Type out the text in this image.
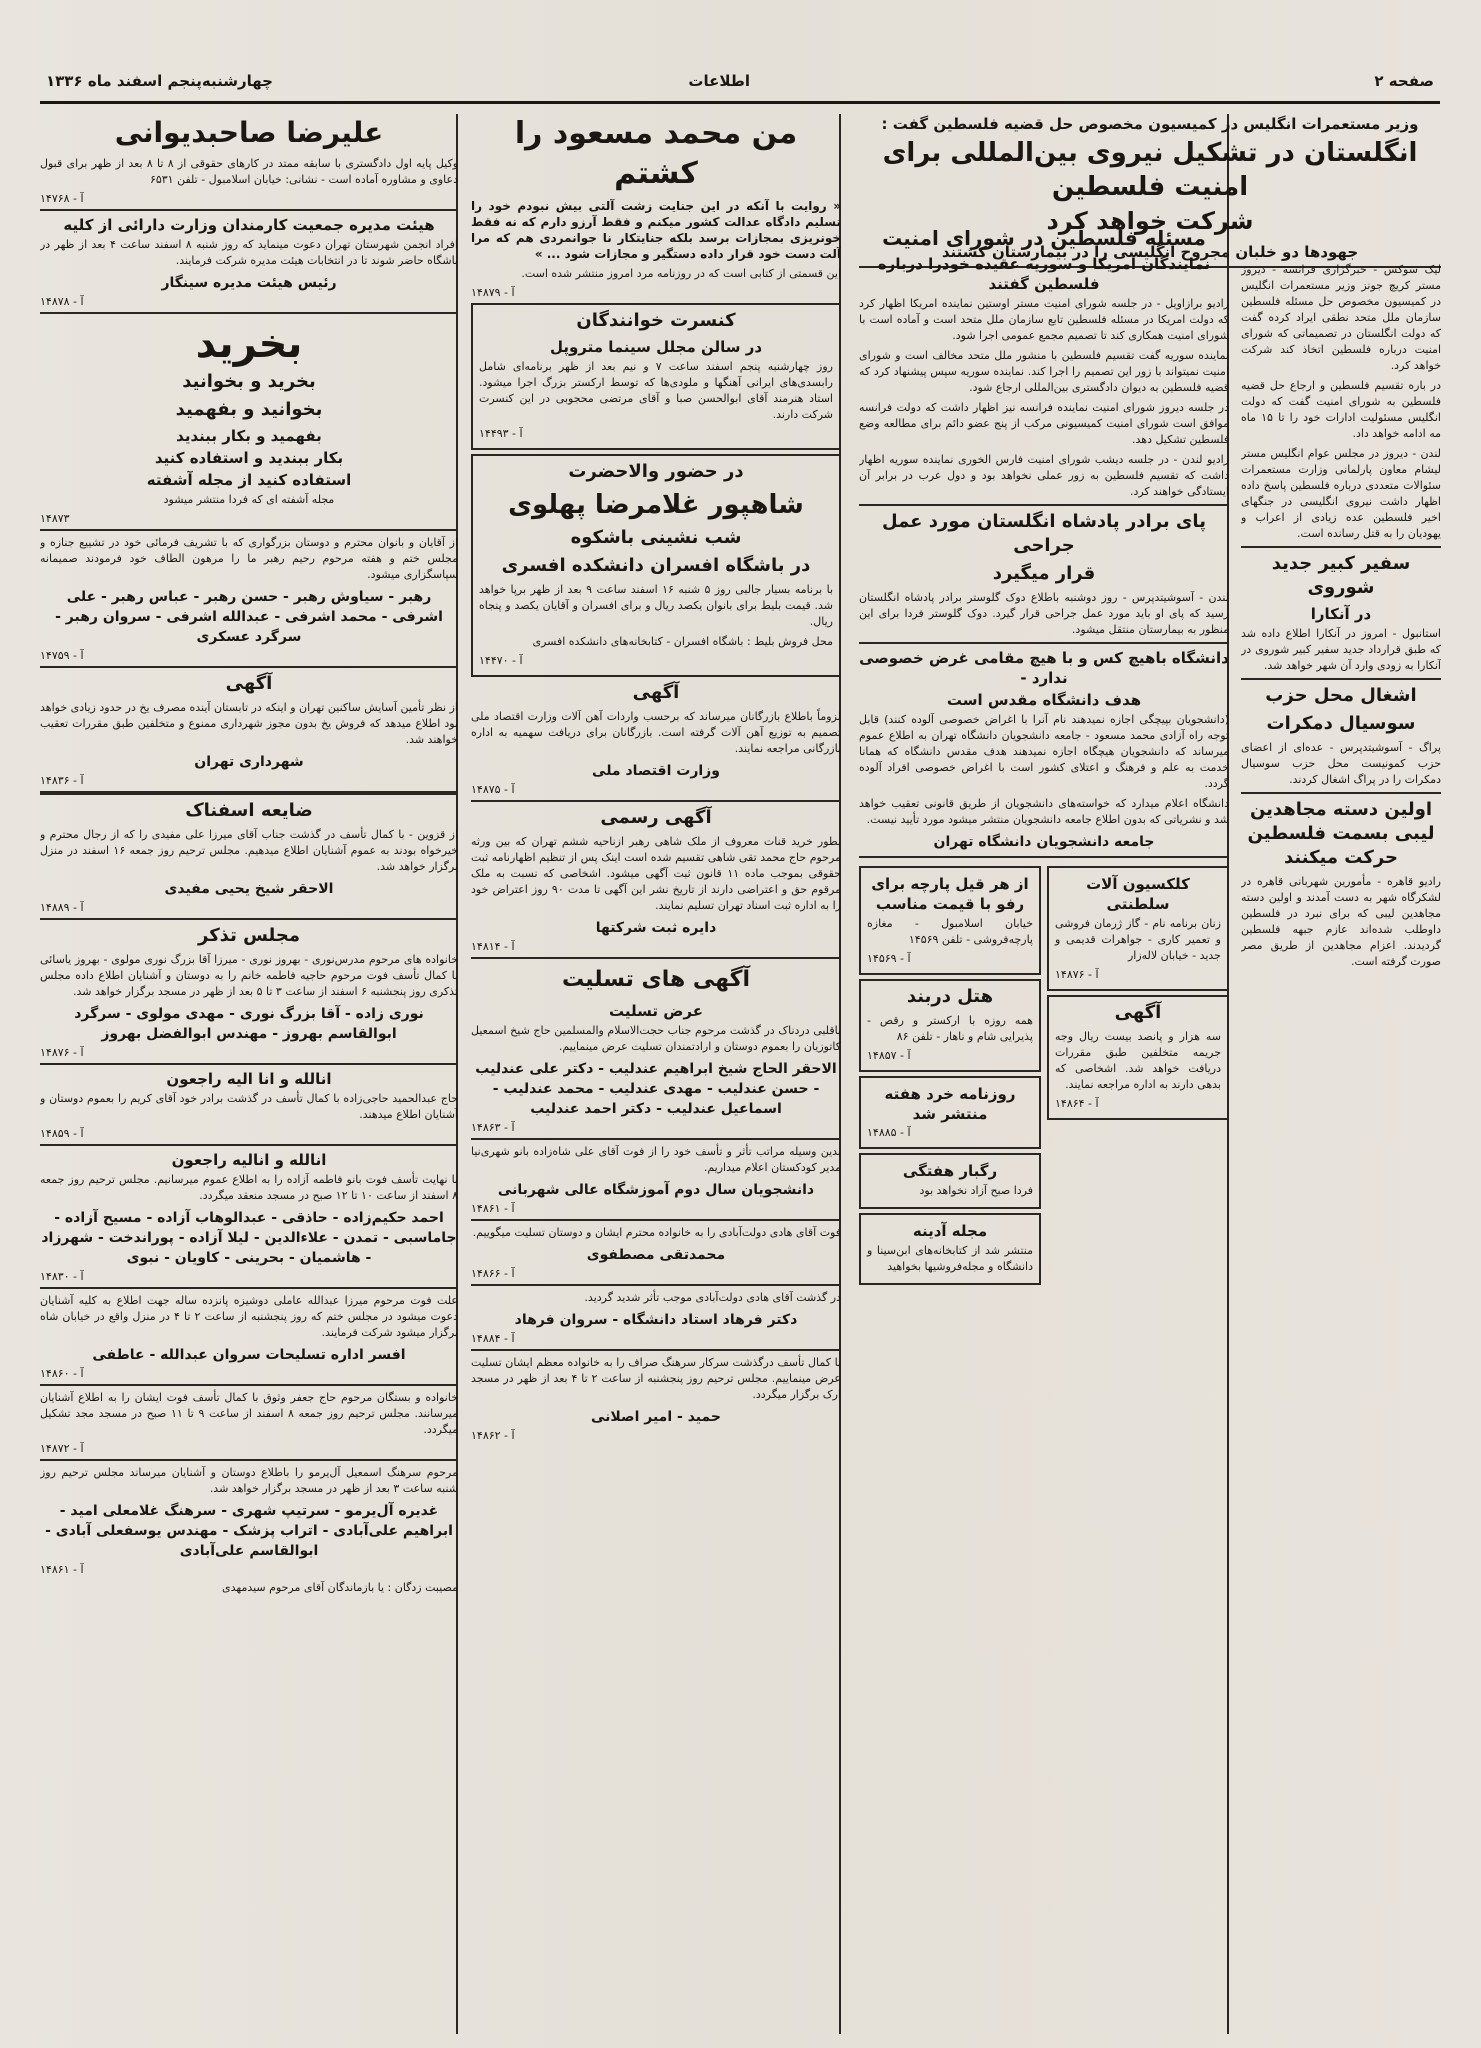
صفحه ۲
اطلاعات
چهارشنبه‌پنجم اسفند ماه ۱۳۳۶
وزیر مستعمرات انگلیس در کمیسیون مخصوص حل قضیه فلسطین گفت :
انگلستان در تشکیل نیروی بین‌المللی برای امنیت فلسطین
شرکت خواهد کرد
جهودها دو خلبان مجروح انگلیسی را در بیمارستان کشتند

لیک سوکس - خبرگزاری فرانسه - دیروز مستر کریچ جونز وزیر مستعمرات انگلیس در کمیسیون مخصوص حل مسئله فلسطین سازمان ملل متحد نطقی ایراد کرده گفت که دولت انگلستان در تصمیماتی که شورای امنیت درباره فلسطین اتخاذ کند شرکت خواهد کرد.

در باره تقسیم فلسطین و ارجاع حل قضیه فلسطین به شورای امنیت گفت که دولت انگلیس مسئولیت ادارات خود را تا ۱۵ ماه مه ادامه خواهد داد.

لندن - دیروز در مجلس عوام انگلیس مستر لیشام معاون پارلمانی وزارت مستعمرات سئوالات متعددی درباره فلسطین پاسخ داده اظهار داشت نیروی انگلیسی در جنگهای اخیر فلسطین عده زیادی از اعراب و یهودیان را به قتل رسانده است.

سفیر کبیر جدید شوروی
در آنکارا

استانبول - امروز در آنکارا اطلاع داده شد که طبق قرارداد جدید سفیر کبیر شوروی در آنکارا به زودی وارد آن شهر خواهد شد.

اشغال محل حزب
سوسیال دمکرات

پراگ - آسوشیتدپرس - عده‌ای از اعضای حزب کمونیست محل حزب سوسیال دمکرات را در پراگ اشغال کردند.

اولین دسته مجاهدین لیبی بسمت فلسطین حرکت میکنند

رادیو قاهره - مأمورین شهربانی قاهره در لشکرگاه شهر به دست آمدند و اولین دسته مجاهدین لیبی که برای نبرد در فلسطین داوطلب شده‌اند عازم جبهه فلسطین گردیدند. اعزام مجاهدین از طریق مصر صورت گرفته است.

مسئله فلسطین در شورای امنیت
نمایندگان امریکا و سوریه عقیده خودرا درباره فلسطین گفتند

رادیو برازاویل - در جلسه شورای امنیت مستر اوستین نماینده امریکا اظهار کرد که دولت امریکا در مسئله فلسطین تابع سازمان ملل متحد است و آماده است با شورای امنیت همکاری کند تا تصمیم مجمع عمومی اجرا شود.

نماینده سوریه گفت تقسیم فلسطین با منشور ملل متحد مخالف است و شورای امنیت نمیتواند با زور این تصمیم را اجرا کند. نماینده سوریه سپس پیشنهاد کرد که قضیه فلسطین به دیوان دادگستری بین‌المللی ارجاع شود.

در جلسه دیروز شورای امنیت نماینده فرانسه نیز اظهار داشت که دولت فرانسه موافق است شورای امنیت کمیسیونی مرکب از پنج عضو دائم برای مطالعه وضع فلسطین تشکیل دهد.

رادیو لندن - در جلسه دیشب شورای امنیت فارس الخوری نماینده سوریه اظهار داشت که تقسیم فلسطین به زور عملی نخواهد بود و دول عرب در برابر آن ایستادگی خواهند کرد.

پای برادر پادشاه انگلستان مورد عمل جراحی
قرار میگیرد

لندن - آسوشیتدپرس - روز دوشنبه باطلاع دوک گلوستر برادر پادشاه انگلستان رسید که پای او باید مورد عمل جراحی قرار گیرد. دوک گلوستر فردا برای این منظور به بیمارستان منتقل میشود.

دانشگاه باهیچ کس و با هیچ مقامی غرض خصوصی ندارد -
هدف دانشگاه مقدس است

(دانشجویان بپیچگی اجازه نمیدهند نام آنرا با اغراض خصوصی آلوده کنند) قابل توجه راه آزادی محمد مسعود - جامعه دانشجویان دانشگاه تهران به اطلاع عموم میرساند که دانشجویان هیچگاه اجازه نمیدهند هدف مقدس دانشگاه که همانا خدمت به علم و فرهنگ و اعتلای کشور است با اغراض خصوصی افراد آلوده گردد.

دانشگاه اعلام میدارد که خواسته‌های دانشجویان از طریق قانونی تعقیب خواهد شد و نشریاتی که بدون اطلاع جامعه دانشجویان منتشر میشود مورد تأیید نیست.

جامعه دانشجویان دانشگاه تهران
کلکسیون آلات سلطنتی

زنان برنامه نام - گاز ژرمان فروشی و تعمیر کاری - جواهرات قدیمی و جدید - خیابان لاله‌زار

آ - ۱۴۸۷۶

آگهی

سه هزار و پانصد بیست ریال وجه جریمه متخلفین طبق مقررات دریافت خواهد شد. اشخاصی که بدهی دارند به اداره مراجعه نمایند.

آ - ۱۴۸۶۴

از هر قیل پارچه برای رفو با قیمت مناسب

خیابان اسلامبول - مغازه پارچه‌فروشی - تلفن ۱۴۵۶۹

آ - ۱۴۵۶۹

هتل دربند

همه روزه با ارکستر و رقص - پذیرایی شام و ناهار - تلفن ۸۶

آ - ۱۴۸۵۷

روزنامه خرد هفته منتشر شد

آ - ۱۴۸۸۵

رگبار هفتگی

فردا صبح آزاد نخواهد بود

مجله آدینه

منتشر شد از کتابخانه‌های ابن‌سینا و دانشگاه و مجله‌فروشیها بخواهید

من محمد مسعود را کشتم

« روایت با آنکه در این جنایت زشت آلتی بیش نبودم خود را تسلیم دادگاه عدالت کشور میکنم و فقط آرزو دارم که نه فقط خونریزی بمجازات برسد بلکه جنایتکار نا جوانمردی هم که مرا آلت دست خود قرار داده دستگیر و مجازات شود ... »

این قسمتی از کتابی است که در روزنامه مرد امروز منتشر شده است.

آ - ۱۴۸۷۹

کنسرت خوانندگان
در سالن مجلل سینما متروپل

روز چهارشنبه پنجم اسفند ساعت ۷ و نیم بعد از ظهر برنامه‌ای شامل رابسدی‌های ایرانی آهنگها و ملودی‌ها که توسط ارکستر بزرگ اجرا میشود. استاد هنرمند آقای ابوالحسن صبا و آقای مرتضی محجوبی در این کنسرت شرکت دارند.

آ - ۱۴۴۹۳

در حضور والاحضرت
شاهپور غلامرضا پهلوی
شب نشینی باشکوه
در باشگاه افسران دانشکده افسری

با برنامه بسیار جالبی روز ۵ شنبه ۱۶ اسفند ساعت ۹ بعد از ظهر برپا خواهد شد. قیمت بلیط برای بانوان یکصد ریال و برای افسران و آقایان یکصد و پنجاه ریال.

محل فروش بلیط : باشگاه افسران - کتابخانه‌های دانشکده افسری

آ - ۱۴۴۷۰

آگهی

لزوماً باطلاع بازرگانان میرساند که برحسب واردات آهن آلات وزارت اقتصاد ملی تصمیم به توزیع آهن آلات گرفته است. بازرگانان برای دریافت سهمیه به اداره بازرگانی مراجعه نمایند.

وزارت اقتصاد ملی

آ - ۱۴۸۷۵

آگهی رسمی

بطور خرید قنات معروف از ملک شاهی رهبر ازناحیه ششم تهران که بین ورثه مرحوم حاج محمد تقی شاهی تقسیم شده است اینک پس از تنظیم اظهارنامه ثبت حقوقی بموجب ماده ۱۱ قانون ثبت آگهی میشود. اشخاصی که نسبت به ملک مرقوم حق و اعتراضی دارند از تاریخ نشر این آگهی تا مدت ۹۰ روز اعتراض خود را به اداره ثبت اسناد تهران تسلیم نمایند.

دایره ثبت شرکتها

آ - ۱۴۸۱۴

آگهی های تسلیت
عرض تسلیت

باقلبی دردناک در گذشت مرحوم جناب حجت‌الاسلام والمسلمین حاج شیخ اسمعیل کاتوزیان را بعموم دوستان و ارادتمندان تسلیت عرض مینماییم.

الاحقر الحاج شیخ ابراهیم عندلیب - دکتر علی عندلیب - حسن عندلیب - مهدی عندلیب - محمد عندلیب - اسماعیل عندلیب - دکتر احمد عندلیب

آ - ۱۴۸۶۳

بدین وسیله مراتب تأثر و تأسف خود را از فوت آقای علی شاه‌زاده بانو شهری‌نیا مدیر کودکستان اعلام میداریم.

دانشجویان سال دوم آموزشگاه عالی شهربانی

آ - ۱۴۸۶۱

فوت آقای هادی دولت‌آبادی را به خانواده محترم ایشان و دوستان تسلیت میگوییم.

محمدتقی مصطفوی

آ - ۱۴۸۶۶

در گذشت آقای هادی دولت‌آبادی موجب تأثر شدید گردید.

دکتر فرهاد استاد دانشگاه - سروان فرهاد

آ - ۱۴۸۸۴

با کمال تأسف درگذشت سرکار سرهنگ صراف را به خانواده معظم ایشان تسلیت عرض مینماییم. مجلس ترحیم روز پنجشنبه از ساعت ۲ تا ۴ بعد از ظهر در مسجد ارک برگزار میگردد.

حمید - امیر اصلانی

آ - ۱۴۸۶۲

علیرضا صاحبدیوانی

وکیل پایه اول دادگستری با سابقه ممتد در کارهای حقوقی از ۸ تا ۸ بعد از ظهر برای قبول دعاوی و مشاوره آماده است - نشانی: خیابان اسلامبول - تلفن ۶۵۳۱

آ - ۱۴۷۶۸

هیئت مدیره جمعیت کارمندان وزارت دارائی از کلیه

افراد انجمن شهرستان تهران دعوت مینماید که روز شنبه ۸ اسفند ساعت ۴ بعد از ظهر در باشگاه حاضر شوند تا در انتخابات هیئت مدیره شرکت فرمایند.

رئیس هیئت مدیره سینگار

آ - ۱۴۸۷۸

بخرید
بخرید و بخوانید
بخوانید و بفهمید
بفهمید و بکار ببندید
بکار ببندید و استفاده کنید
استفاده کنید از مجله آشفته

مجله آشفته ای که فردا منتشر میشود

۱۴۸۷۳

از آقایان و بانوان محترم و دوستان بزرگواری که با تشریف فرمائی خود در تشییع جنازه و مجلس ختم و هفته مرحوم رحیم رهبر ما را مرهون الطاف خود فرمودند صمیمانه سپاسگزاری میشود.

رهبر - سیاوش رهبر - حسن رهبر - عباس رهبر - علی اشرفی - محمد اشرفی - عبدالله اشرفی - سروان رهبر - سرگرد عسکری

آ - ۱۴۷۵۹

آگهی

از نظر تأمین آسایش ساکنین تهران و اینکه در تابستان آینده مصرف یخ در حدود زیادی خواهد بود اطلاع میدهد که فروش یخ بدون مجوز شهرداری ممنوع و متخلفین طبق مقررات تعقیب خواهند شد.

شهرداری تهران

آ - ۱۴۸۳۶

ضایعه اسفناک

از قزوین - با کمال تأسف در گذشت جناب آقای میرزا علی مفیدی را که از رجال محترم و خیرخواه بودند به عموم آشنایان اطلاع میدهیم. مجلس ترحیم روز جمعه ۱۶ اسفند در منزل برگزار خواهد شد.

الاحقر شیخ یحیی مفیدی

آ - ۱۴۸۸۹

مجلس تذکر

خانواده های مرحوم مدرس‌نوری - بهروز نوری - میرزا آقا بزرگ نوری مولوی - بهروز یاسائی با کمال تأسف فوت مرحوم حاجیه فاطمه خانم را به دوستان و آشنایان اطلاع داده مجلس تذکری روز پنجشنبه ۶ اسفند از ساعت ۳ تا ۵ بعد از ظهر در مسجد برگزار خواهد شد.

نوری زاده - آقا بزرگ نوری - مهدی مولوی - سرگرد ابوالقاسم بهروز - مهندس ابوالفضل بهروز

آ - ۱۴۸۷۶

انالله و انا الیه راجعون

حاج عبدالحمید حاجی‌زاده با کمال تأسف در گذشت برادر خود آقای کریم را بعموم دوستان و آشنایان اطلاع میدهند.

آ - ۱۴۸۵۹

انالله و انالیه راجعون

با نهایت تأسف فوت بانو فاطمه آزاده را به اطلاع عموم میرسانیم. مجلس ترحیم روز جمعه ۸ اسفند از ساعت ۱۰ تا ۱۲ صبح در مسجد منعقد میگردد.

احمد حکیم‌زاده - حاذقی - عبدالوهاب آزاده - مسیح آزاده - جاماسبی - تمدن - علاءالدین - لیلا آزاده - پوراندخت - شهرزاد - هاشمیان - بحرینی - کاویان - نبوی

آ - ۱۴۸۳۰

علت فوت مرحوم میرزا عبدالله عاملی دوشیزه پانزده ساله جهت اطلاع به کلیه آشنایان دعوت میشود در مجلس ختم که روز پنجشنبه از ساعت ۲ تا ۴ در منزل واقع در خیابان شاه برگزار میشود شرکت فرمایند.

افسر اداره تسلیحات سروان عبدالله - عاطفی

آ - ۱۴۸۶۰

خانواده و بستگان مرحوم حاج جعفر وثوق با کمال تأسف فوت ایشان را به اطلاع آشنایان میرسانند. مجلس ترحیم روز جمعه ۸ اسفند از ساعت ۹ تا ۱۱ صبح در مسجد مجد تشکیل میگردد.

آ - ۱۴۸۷۲

مرحوم سرهنگ اسمعیل آل‌یرمو را باطلاع دوستان و آشنایان میرساند مجلس ترحیم روز شنبه ساعت ۳ بعد از ظهر در مسجد برگزار خواهد شد.

غدیره آل‌یرمو - سرتیپ شهری - سرهنگ غلامعلی امید - ابراهیم علی‌آبادی - اتراب پزشک - مهندس یوسفعلی آبادی - ابوالقاسم علی‌آبادی

آ - ۱۴۸۶۱

مصیبت زدگان : یا بازماندگان آقای مرحوم سیدمهدی
